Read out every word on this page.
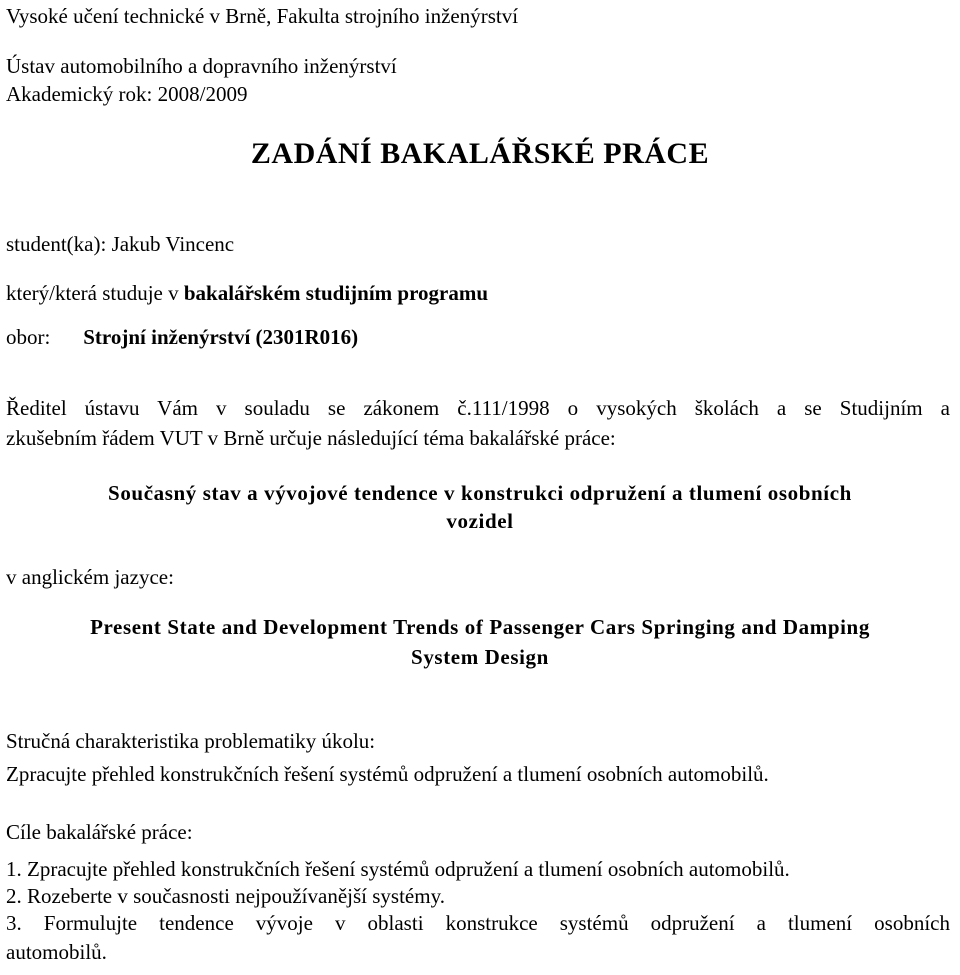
Vysoké učení technické v Brně, Fakulta strojního inženýrství
Ústav automobilního a dopravního inženýrství
Akademický rok: 2008/2009
ZADÁNÍ BAKALÁŘSKÉ PRÁCE
student(ka): Jakub Vincenc
který/která studuje v bakalářském studijním programu
obor: Strojní inženýrství (2301R016)
Ředitel ústavu Vám v souladu se zákonem č.111/1998 o vysokých školách a se Studijním a
zkušebním řádem VUT v Brně určuje následující téma bakalářské práce:
Současný stav a vývojové tendence v konstrukci odpružení a tlumení osobních
vozidel
v anglickém jazyce:
Present State and Development Trends of Passenger Cars Springing and Damping
System Design
Stručná charakteristika problematiky úkolu:
Zpracujte přehled konstrukčních řešení systémů odpružení a tlumení osobních automobilů.
Cíle bakalářské práce:
1. Zpracujte přehled konstrukčních řešení systémů odpružení a tlumení osobních automobilů.
2. Rozeberte v současnosti nejpoužívanější systémy.
3. Formulujte tendence vývoje v oblasti konstrukce systémů odpružení a tlumení osobních
automobilů.
